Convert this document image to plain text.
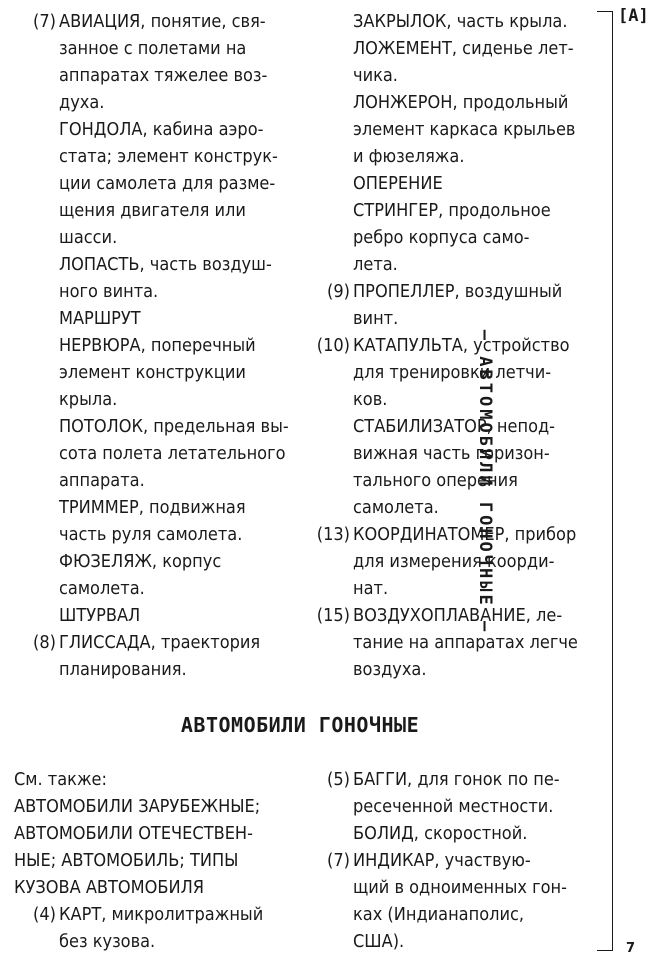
(7) АВИАЦИЯ, понятие, свя-
занное с полетами на
аппаратах тяжелее воз-
духа.
ГОНДОЛА, кабина аэро-
стата; элемент конструк-
ции самолета для разме-
щения двигателя или
шасси.
ЛОПАСТЬ, часть воздуш-
ного винта.
МАРШРУТ
НЕРВЮРА, поперечный
элемент конструкции
крыла.
ПОТОЛОК, предельная вы-
сота полета летательного
аппарата.
ТРИММЕР, подвижная
часть руля самолета.
ФЮЗЕЛЯЖ, корпус
самолета.
ШТУРВАЛ
(8) ГЛИССАДА, траектория
планирования.
ЗАКРЫЛОК, часть крыла.
ЛОЖЕМЕНТ, сиденье лет-
чика.
ЛОНЖЕРОН, продольный
элемент каркаса крыльев
и фюзеляжа.
ОПЕРЕНИЕ
СТРИНГЕР, продольное
ребро корпуса само-
лета.
(9) ПРОПЕЛЛЕР, воздушный
винт.
(10) КАТАПУЛЬТА, устройство
для тренировки летчи-
ков.
СТАБИЛИЗАТОР, непод-
вижная часть горизон-
тального оперения
самолета.
(13) КООРДИНАТОМЕР, прибор
для измерения коорди-
нат.
(15) ВОЗДУХОПЛАВАНИЕ, ле-
тание на аппаратах легче
воздуха.
АВТОМОБИЛИ ГОНОЧНЫЕ
См. также:
АВТОМОБИЛИ ЗАРУБЕЖНЫЕ;
АВТОМОБИЛИ ОТЕЧЕСТВЕН-
НЫЕ; АВТОМОБИЛЬ; ТИПЫ
КУЗОВА АВТОМОБИЛЯ
(4) КАРТ, микролитражный
без кузова.
(5) БАГГИ, для гонок по пе-
ресеченной местности.
БОЛИД, скоростной.
(7) ИНДИКАР, участвую-
щий в одноименных гон-
ках (Индианаполис,
США).
[А]
– АВТОМОБИЛИ ГОНОЧНЫЕ –
7
